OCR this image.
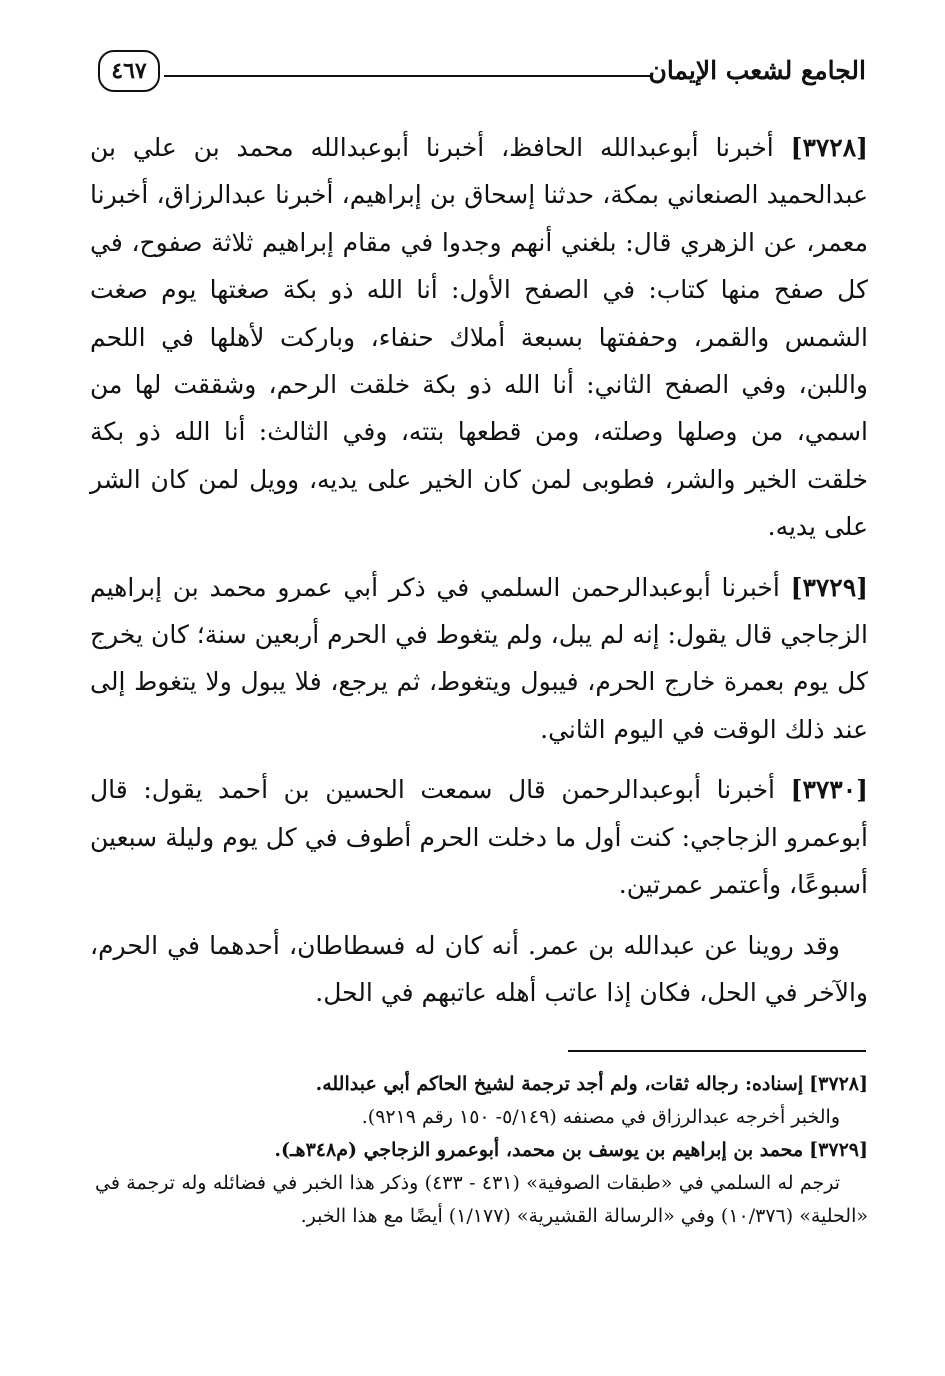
الجامع لشعب الإيمان
٤٦٧

[٣٧٢٨] أخبرنا أبوعبدالله الحافظ، أخبرنا أبوعبدالله محمد بن علي بن عبدالحميد الصنعاني بمكة، حدثنا إسحاق بن إبراهيم، أخبرنا عبدالرزاق، أخبرنا معمر، عن الزهري قال: بلغني أنهم وجدوا في مقام إبراهيم ثلاثة صفوح، في كل صفح منها كتاب: في الصفح الأول: أنا الله ذو بكة صغتها يوم صغت الشمس والقمر، وحففتها بسبعة أملاك حنفاء، وباركت لأهلها في اللحم واللبن، وفي الصفح الثاني: أنا الله ذو بكة خلقت الرحم، وشققت لها من اسمي، من وصلها وصلته، ومن قطعها بتته، وفي الثالث: أنا الله ذو بكة خلقت الخير والشر، فطوبى لمن كان الخير على يديه، وويل لمن كان الشر على يديه.

[٣٧٢٩] أخبرنا أبوعبدالرحمن السلمي في ذكر أبي عمرو محمد بن إبراهيم الزجاجي قال يقول: إنه لم يبل، ولم يتغوط في الحرم أربعين سنة؛ كان يخرج كل يوم بعمرة خارج الحرم، فيبول ويتغوط، ثم يرجع، فلا يبول ولا يتغوط إلى عند ذلك الوقت في اليوم الثاني.

[٣٧٣٠] أخبرنا أبوعبدالرحمن قال سمعت الحسين بن أحمد يقول: قال أبوعمرو الزجاجي: كنت أول ما دخلت الحرم أطوف في كل يوم وليلة سبعين أسبوعًا، وأعتمر عمرتين.

وقد روينا عن عبدالله بن عمر. أنه كان له فسطاطان، أحدهما في الحرم، والآخر في الحل، فكان إذا عاتب أهله عاتبهم في الحل.

[٣٧٢٨] إسناده: رجاله ثقات، ولم أجد ترجمة لشيخ الحاكم أبي عبدالله.

والخبر أخرجه عبدالرزاق في مصنفه (٥/١٤٩- ١٥٠ رقم ٩٢١٩).

[٣٧٢٩] محمد بن إبراهيم بن يوسف بن محمد، أبوعمرو الزجاجي (م٣٤٨هـ).

ترجم له السلمي في «طبقات الصوفية» (٤٣١ - ٤٣٣) وذكر هذا الخبر في فضائله وله ترجمة في «الحلية» (١٠/٣٧٦) وفي «الرسالة القشيرية» (١/١٧٧) أيضًا مع هذا الخبر.
